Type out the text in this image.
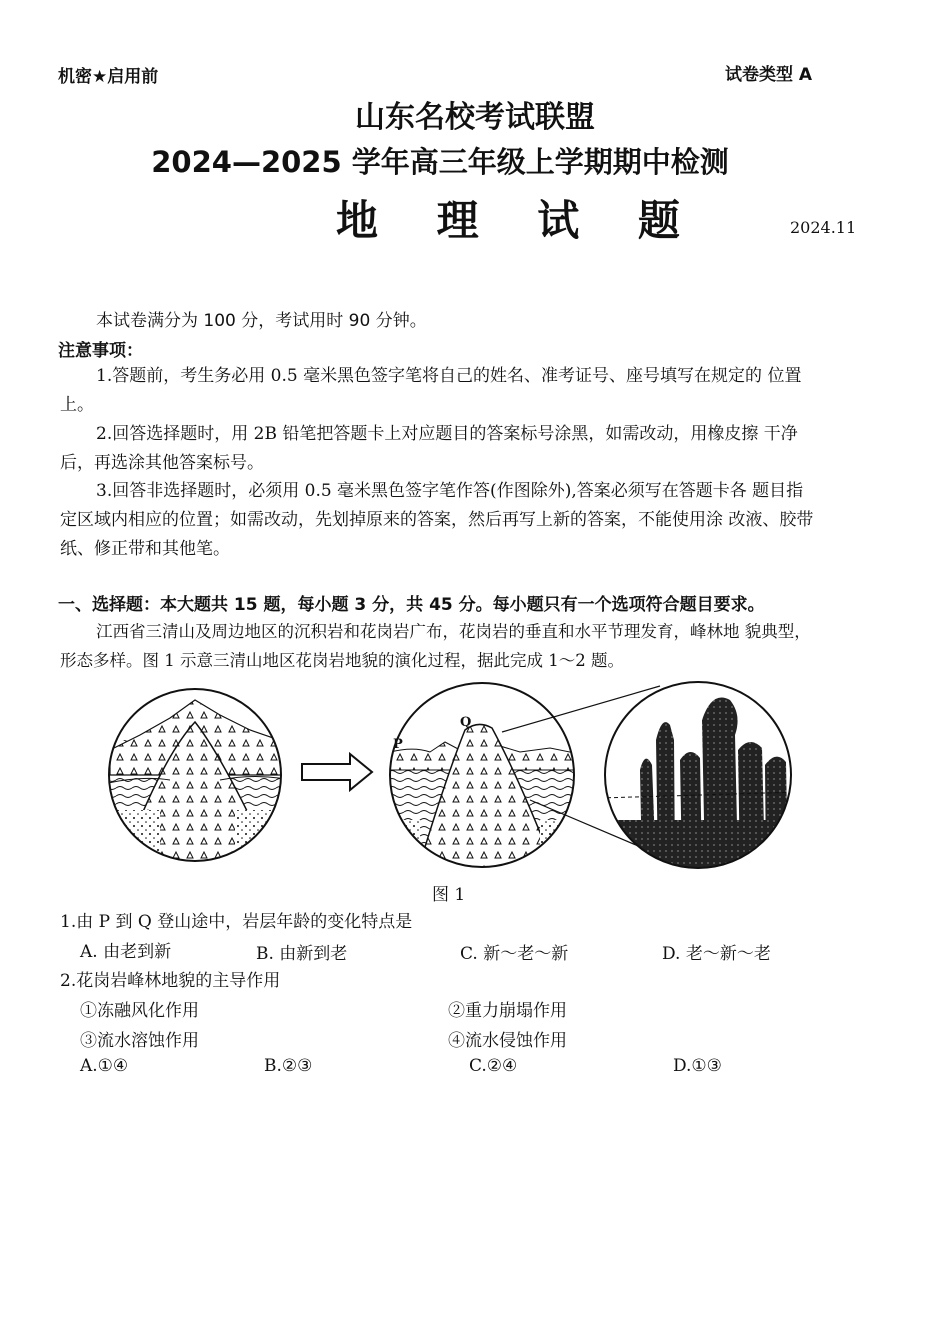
机密★启用前	试卷类型 A
山东名校考试联盟
2024—2025 学年高三年级上学期期中检测
地 理 试 题	2024.11
本试卷满分为 100 分，考试用时 90 分钟。
注意事项：
1.答题前，考生务必用 0.5 毫米黑色签字笔将自己的姓名、准考证号、座号填写在规定的 位置上。
2.回答选择题时，用 2B 铅笔把答题卡上对应题目的答案标号涂黑，如需改动，用橡皮擦 干净后，再选涂其他答案标号。
3.回答非选择题时，必须用 0.5 毫米黑色签字笔作答(作图除外),答案必须写在答题卡各 题目指定区域内相应的位置；如需改动，先划掉原来的答案，然后再写上新的答案，不能使用涂 改液、胶带纸、修正带和其他笔。
一、选择题：本大题共 15 题，每小题 3 分，共 45 分。每小题只有一个选项符合题目要求。
江西省三清山及周边地区的沉积岩和花岗岩广布，花岗岩的垂直和水平节理发育，峰林地 貌典型，形态多样。图 1 示意三清山地区花岗岩地貌的演化过程，据此完成 1～2 题。
P
Q
图 1
1.由 P 到 Q 登山途中，岩层年龄的变化特点是
A. 由老到新	B. 由新到老	C. 新～老～新	D. 老～新～老
2.花岗岩峰林地貌的主导作用
①冻融风化作用	②重力崩塌作用
③流水溶蚀作用	④流水侵蚀作用
A.①④	B.②③	C.②④	D.①③
